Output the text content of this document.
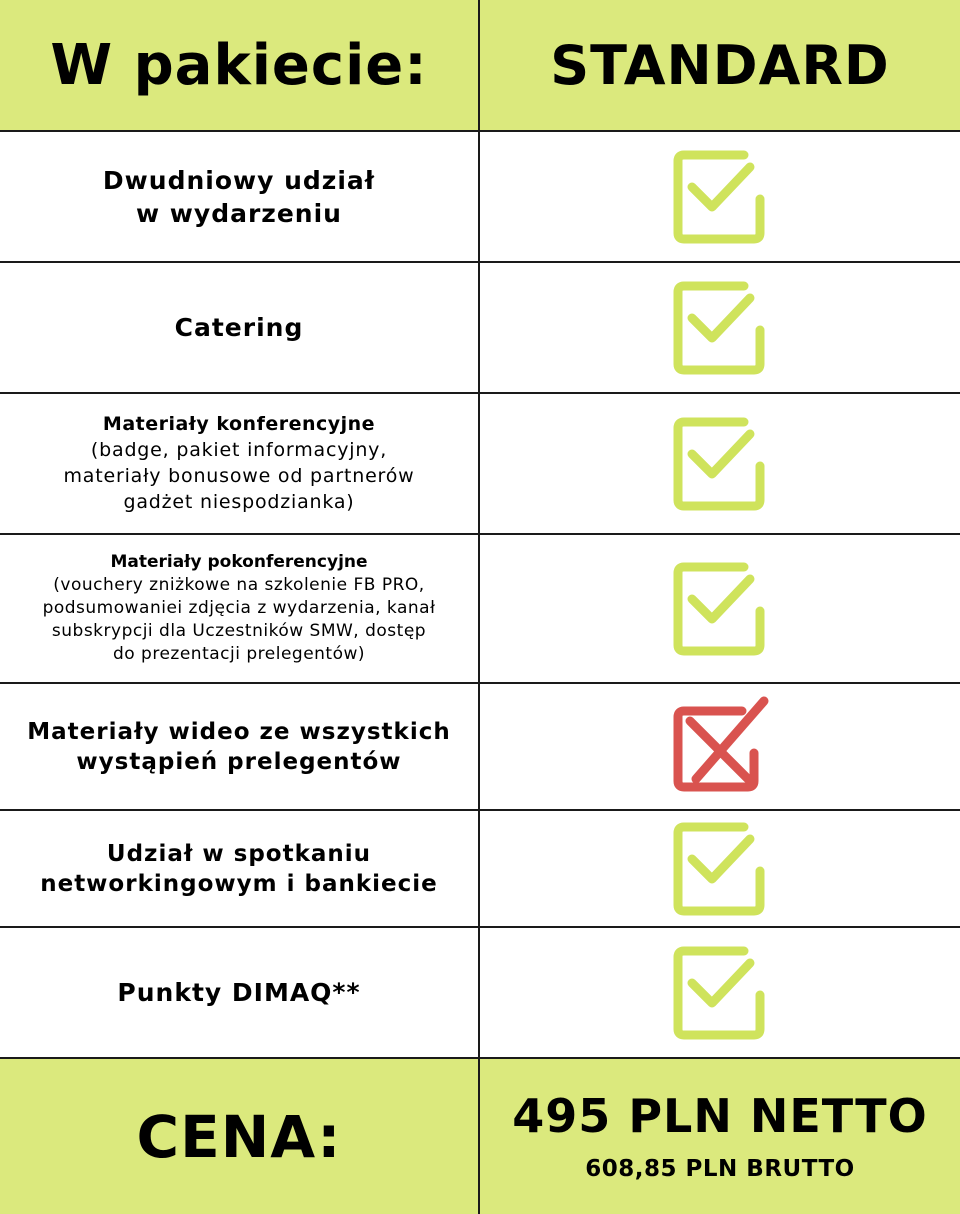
W pakiecie:	STANDARD
Dwudniowy udział
w wydarzeniu
Catering
Materiały konferencyjne
(badge, pakiet informacyjny,
materiały bonusowe od partnerów
gadżet niespodzianka)
Materiały pokonferencyjne
(vouchery zniżkowe na szkolenie FB PRO,
podsumowaniei zdjęcia z wydarzenia, kanał
subskrypcji dla Uczestników SMW, dostęp
do prezentacji prelegentów)
Materiały wideo ze wszystkich
wystąpień prelegentów
Udział w spotkaniu
networkingowym i bankiecie
Punkty DIMAQ**
CENA:	495 PLN NETTO
608,85 PLN BRUTTO
